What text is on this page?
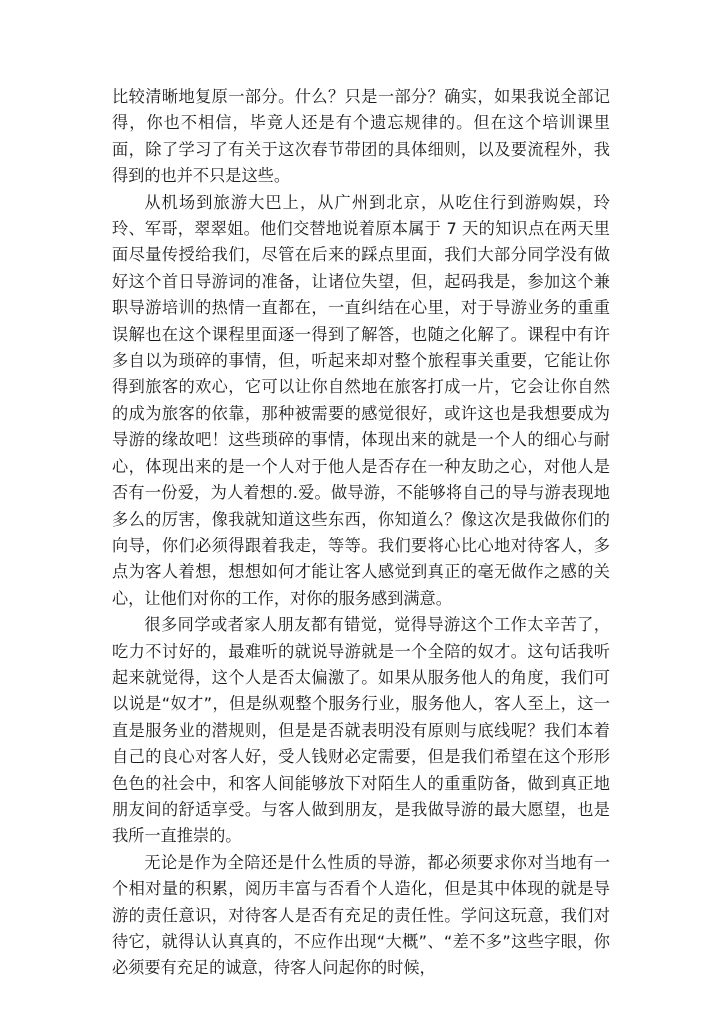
比较清晰地复原一部分。什么？只是一部分？确实，如果我说全部记得，你也不相信，毕竟人还是有个遗忘规律的。但在这个培训课里面，除了学习了有关于这次春节带团的具体细则，以及要流程外，我得到的也并不只是这些。

从机场到旅游大巴上，从广州到北京，从吃住行到游购娱，玲玲、军哥，翠翠姐。他们交替地说着原本属于 7 天的知识点在两天里面尽量传授给我们，尽管在后来的踩点里面，我们大部分同学没有做好这个首日导游词的准备，让诸位失望，但，起码我是，参加这个兼职导游培训的热情一直都在，一直纠结在心里，对于导游业务的重重误解也在这个课程里面逐一得到了解答，也随之化解了。课程中有许多自以为琐碎的事情，但，听起来却对整个旅程事关重要，它能让你得到旅客的欢心，它可以让你自然地在旅客打成一片，它会让你自然的成为旅客的依靠，那种被需要的感觉很好，或许这也是我想要成为导游的缘故吧！这些琐碎的事情，体现出来的就是一个人的细心与耐心，体现出来的是一个人对于他人是否存在一种友助之心，对他人是否有一份爱，为人着想的.爱。做导游，不能够将自己的导与游表现地多么的厉害，像我就知道这些东西，你知道么？像这次是我做你们的向导，你们必须得跟着我走，等等。我们要将心比心地对待客人，多点为客人着想，想想如何才能让客人感觉到真正的毫无做作之感的关心，让他们对你的工作，对你的服务感到满意。

很多同学或者家人朋友都有错觉，觉得导游这个工作太辛苦了，吃力不讨好的，最难听的就说导游就是一个全陪的奴才。这句话我听起来就觉得，这个人是否太偏激了。如果从服务他人的角度，我们可以说是“奴才”，但是纵观整个服务行业，服务他人，客人至上，这一直是服务业的潜规则，但是是否就表明没有原则与底线呢？我们本着自己的良心对客人好，受人钱财必定需要，但是我们希望在这个形形色色的社会中，和客人间能够放下对陌生人的重重防备，做到真正地朋友间的舒适享受。与客人做到朋友，是我做导游的最大愿望，也是我所一直推崇的。

无论是作为全陪还是什么性质的导游，都必须要求你对当地有一个相对量的积累，阅历丰富与否看个人造化，但是其中体现的就是导游的责任意识，对待客人是否有充足的责任性。学问这玩意，我们对待它，就得认认真真的，不应作出现“大概”、“差不多”这些字眼，你必须要有充足的诚意，待客人问起你的时候，
